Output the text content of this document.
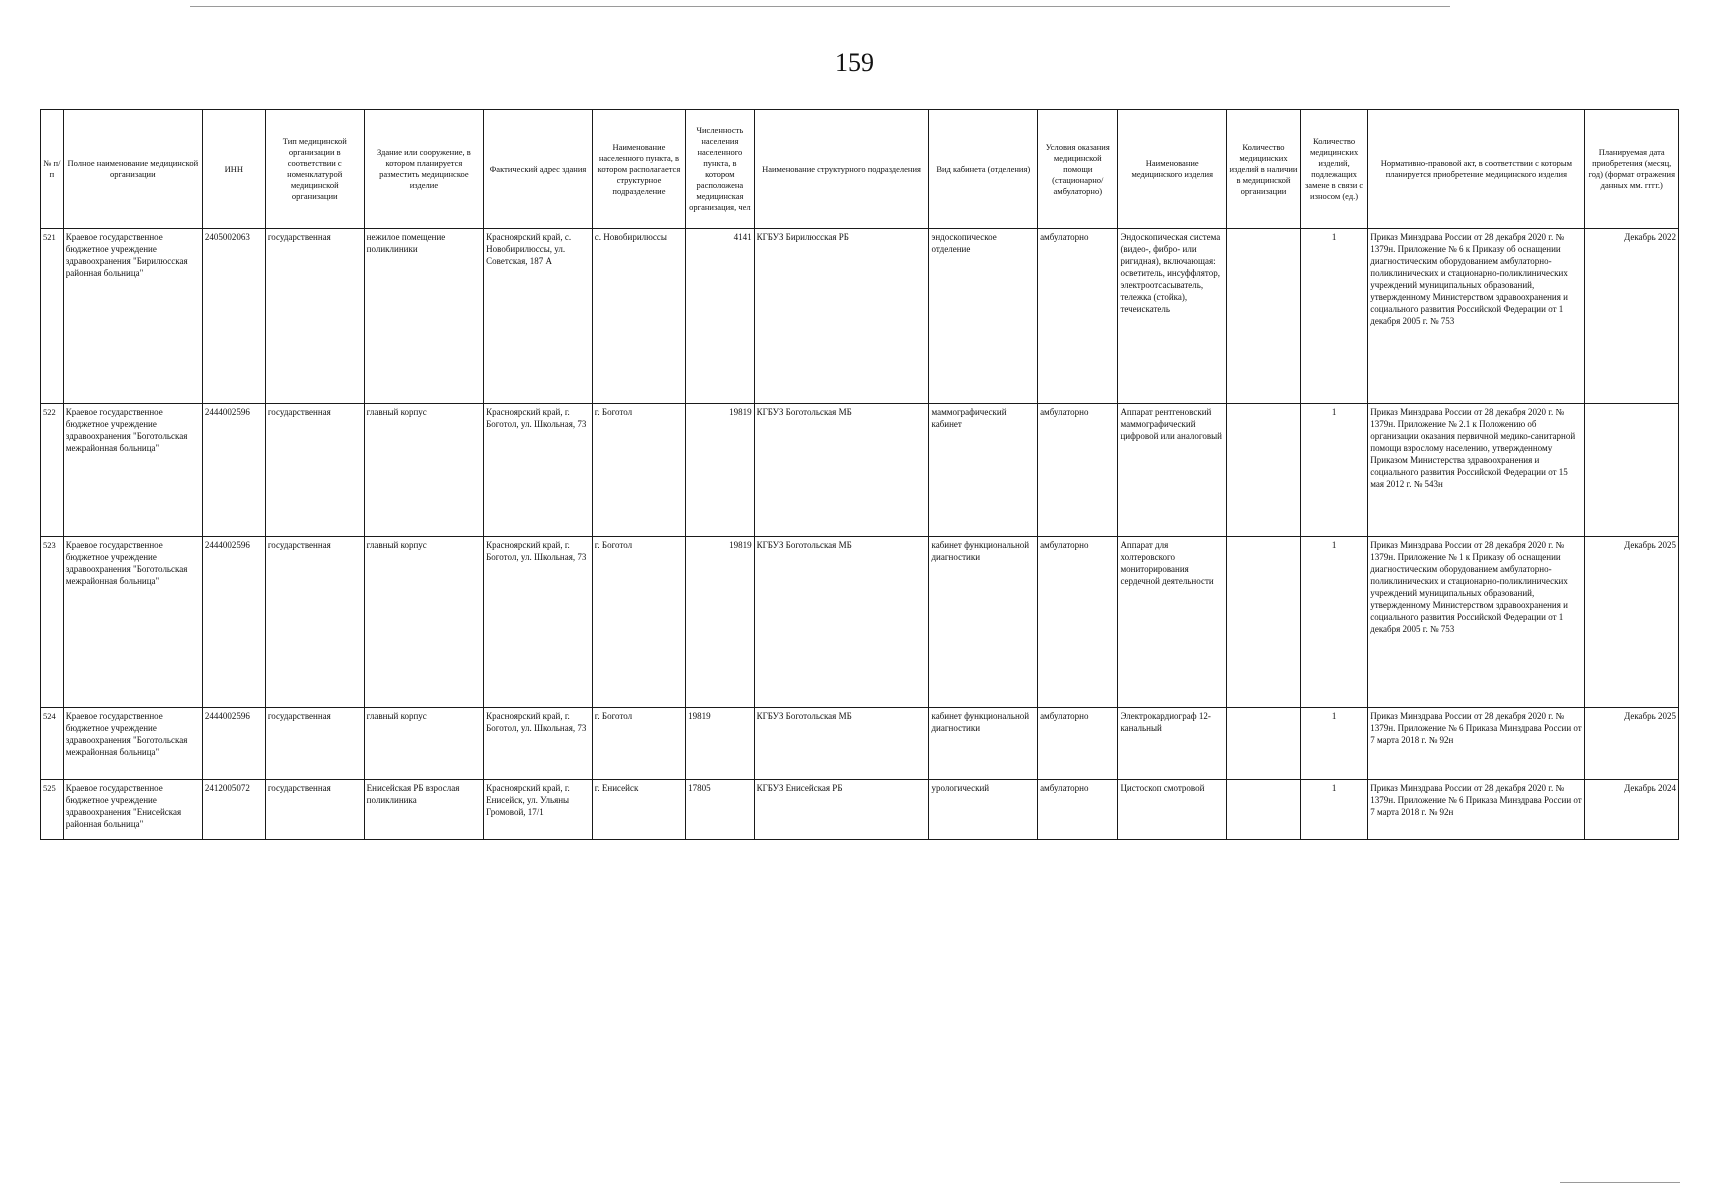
159
№ п/п	Полное наименование медицинской организации	ИНН	Тип медицинской организации в соответствии с номенклатурой медицинской организации	Здание или сооружение, в котором планируется разместить медицинское изделие	Фактический адрес здания	Наименование населенного пункта, в котором располагается структурное подразделение	Численность населения населенного пункта, в котором расположена медицинская организация, чел	Наименование структурного подразделения	Вид кабинета (отделения)	Условия оказания медицинской помощи (стационарно/ амбулаторно)	Наименование медицинского изделия	Количество медицинских изделий в наличии в медицинской организации	Количество медицинских изделий, подлежащих замене в связи с износом (ед.)	Нормативно-правовой акт, в соответствии с которым планируется приобретение медицинского изделия	Планируемая дата приобретения (месяц, год) (формат отражения данных мм. гггг.)
521	Краевое государственное бюджетное учреждение здравоохранения "Бирилюсская районная больница"	2405002063	государственная	нежилое помещение поликлиники	Красноярский край, с. Новобирилюссы, ул. Советская, 187 А	с. Новобирилюссы	4141	КГБУЗ Бирилюсская РБ	эндоскопическое отделение	амбулаторно	Эндоскопическая система (видео-, фибро- или ригидная), включающая: осветитель, инсуффлятор, электроотсасыватель, тележка (стойка), течеискатель		1	Приказ Минздрава России от 28 декабря 2020 г. № 1379н. Приложение № 6 к Приказу об оснащении диагностическим оборудованием амбулаторно-поликлинических и стационарно-поликлинических учреждений муниципальных образований, утвержденному Министерством здравоохранения и социального развития Российской Федерации от 1 декабря 2005 г. № 753	Декабрь 2022
522	Краевое государственное бюджетное учреждение здравоохранения "Боготольская межрайонная больница"	2444002596	государственная	главный корпус	Красноярский край, г. Боготол, ул. Школьная, 73	г. Боготол	19819	КГБУЗ Боготольская МБ	маммографический кабинет	амбулаторно	Аппарат рентгеновский маммографический цифровой или аналоговый		1	Приказ Минздрава России от 28 декабря 2020 г. № 1379н. Приложение № 2.1 к Положению об организации оказания первичной медико-санитарной помощи взрослому населению, утвержденному Приказом Министерства здравоохранения и социального развития Российской Федерации от 15 мая 2012 г. № 543н	
523	Краевое государственное бюджетное учреждение здравоохранения "Боготольская межрайонная больница"	2444002596	государственная	главный корпус	Красноярский край, г. Боготол, ул. Школьная, 73	г. Боготол	19819	КГБУЗ Боготольская МБ	кабинет функциональной диагностики	амбулаторно	Аппарат для холтеровского мониторирования сердечной деятельности		1	Приказ Минздрава России от 28 декабря 2020 г. № 1379н. Приложение № 1 к Приказу об оснащении диагностическим оборудованием амбулаторно-поликлинических и стационарно-поликлинических учреждений муниципальных образований, утвержденному Министерством здравоохранения и социального развития Российской Федерации от 1 декабря 2005 г. № 753	Декабрь 2025
524	Краевое государственное бюджетное учреждение здравоохранения "Боготольская межрайонная больница"	2444002596	государственная	главный корпус	Красноярский край, г. Боготол, ул. Школьная, 73	г. Боготол	19819	КГБУЗ Боготольская МБ	кабинет функциональной диагностики	амбулаторно	Электрокардиограф 12-канальный		1	Приказ Минздрава России от 28 декабря 2020 г. № 1379н. Приложение № 6 Приказа Минздрава России от 7 марта 2018 г. № 92н	Декабрь 2025
525	Краевое государственное бюджетное учреждение здравоохранения "Енисейская районная больница"	2412005072	государственная	Енисейская РБ взрослая поликлиника	Красноярский край, г. Енисейск, ул. Ульяны Громовой, 17/1	г. Енисейск	17805	КГБУЗ Енисейская РБ	урологический	амбулаторно	Цистоскоп смотровой		1	Приказ Минздрава России от 28 декабря 2020 г. № 1379н. Приложение № 6 Приказа Минздрава России от 7 марта 2018 г. № 92н	Декабрь 2024
